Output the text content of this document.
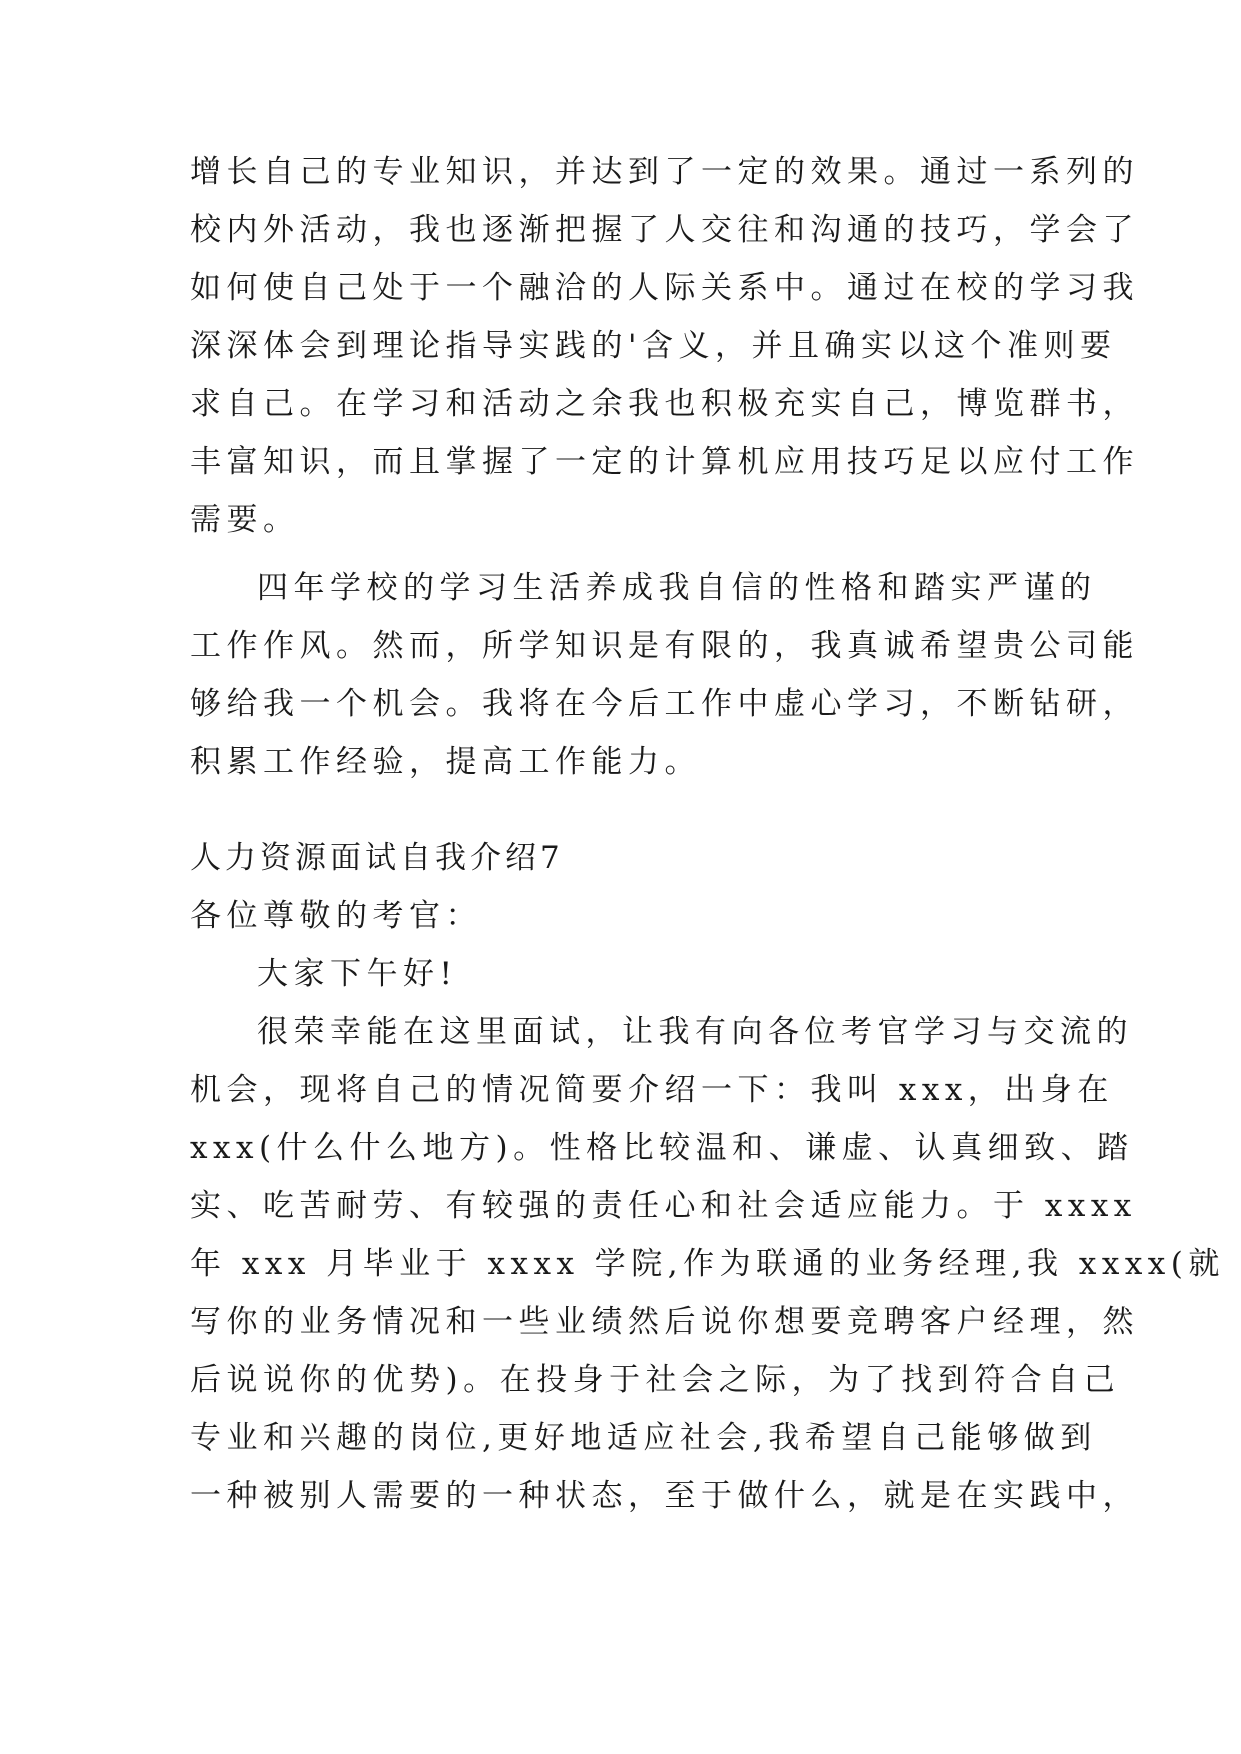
增长自己的专业知识，并达到了一定的效果。通过一系列的
校内外活动，我也逐渐把握了人交往和沟通的技巧，学会了
如何使自己处于一个融洽的人际关系中。通过在校的学习我
深深体会到理论指导实践的'含义，并且确实以这个准则要
求自己。在学习和活动之余我也积极充实自己，博览群书，
丰富知识，而且掌握了一定的计算机应用技巧足以应付工作
需要。
四年学校的学习生活养成我自信的性格和踏实严谨的
工作作风。然而，所学知识是有限的，我真诚希望贵公司能
够给我一个机会。我将在今后工作中虚心学习，不断钻研，
积累工作经验，提高工作能力。
人力资源面试自我介绍7
各位尊敬的考官：
大家下午好!
很荣幸能在这里面试，让我有向各位考官学习与交流的
机会，现将自己的情况简要介绍一下：我叫 xxx，出身在
xxx(什么什么地方)。性格比较温和、谦虚、认真细致、踏
实、吃苦耐劳、有较强的责任心和社会适应能力。于 xxxx
年 xxx 月毕业于 xxxx 学院,作为联通的业务经理,我 xxxx(就
写你的业务情况和一些业绩然后说你想要竞聘客户经理，然
后说说你的优势)。在投身于社会之际，为了找到符合自己
专业和兴趣的岗位,更好地适应社会,我希望自己能够做到
一种被别人需要的一种状态，至于做什么，就是在实践中，
